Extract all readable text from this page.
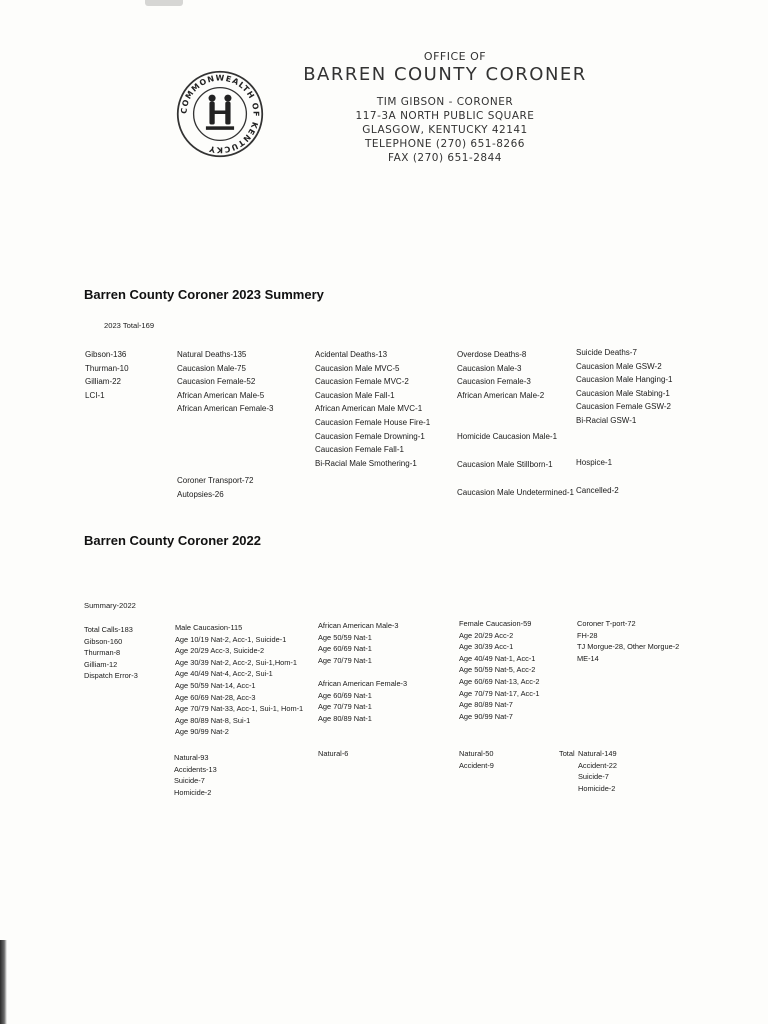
COMMONWEALTH OF KENTUCKY
OFFICE OF
BARREN COUNTY CORONER
TIM GIBSON - CORONER
117-3A NORTH PUBLIC SQUARE
GLASGOW, KENTUCKY 42141
TELEPHONE (270) 651-8266
FAX (270) 651-2844
Barren County Coroner 2023 Summery
2023 Total-169
Gibson-136
Thurman-10
Gilliam-22
LCI-1
Natural Deaths-135
Caucasion Male-75
Caucasion Female-52
African American Male-5
African American Female-3
Coroner Transport-72
Autopsies-26
Acidental Deaths-13
Caucasion Male MVC-5
Caucasion Female MVC-2
Caucasion Male Fall-1
African American Male MVC-1
Caucasion Female House Fire-1
Caucasion Female Drowning-1
Caucasion Female Fall-1
Bi-Racial Male Smothering-1
Overdose Deaths-8
Caucasion Male-3
Caucasion Female-3
African American Male-2
Homicide Caucasion Male-1
Caucasion Male Stillborn-1
Caucasion Male Undetermined-1
Suicide Deaths-7
Caucasion Male GSW-2
Caucasion Male Hanging-1
Caucasion Male Stabing-1
Caucasion Female GSW-2
Bi-Racial GSW-1
Hospice-1
Cancelled-2
Barren County Coroner 2022
Summary-2022
Total Calls-183
Gibson-160
Thurman-8
Gilliam-12
Dispatch Error-3
Male Caucasion-115
Age 10/19 Nat-2, Acc-1, Suicide-1
Age 20/29 Acc-3, Suicide-2
Age 30/39 Nat-2, Acc-2, Sui-1,Hom-1
Age 40/49 Nat-4, Acc-2, Sui-1
Age 50/59 Nat-14, Acc-1
Age 60/69 Nat-28, Acc-3
Age 70/79 Nat-33, Acc-1, Sui-1, Hom-1
Age 80/89 Nat-8, Sui-1
Age 90/99 Nat-2
Natural-93
Accidents-13
Suicide-7
Homicide-2
African American Male-3
Age 50/59 Nat-1
Age 60/69 Nat-1
Age 70/79 Nat-1
African American Female-3
Age 60/69 Nat-1
Age 70/79 Nat-1
Age 80/89 Nat-1
Natural-6
Female Caucasion-59
Age 20/29 Acc-2
Age 30/39 Acc-1
Age 40/49 Nat-1, Acc-1
Age 50/59 Nat-5, Acc-2
Age 60/69 Nat-13, Acc-2
Age 70/79 Nat-17, Acc-1
Age 80/89 Nat-7
Age 90/99 Nat-7
Natural-50
Accident-9
Coroner T-port-72
FH-28
TJ Morgue-28, Other Morgue-2
ME-14
Total Natural-149
Accident-22
Suicide-7
Homicide-2
